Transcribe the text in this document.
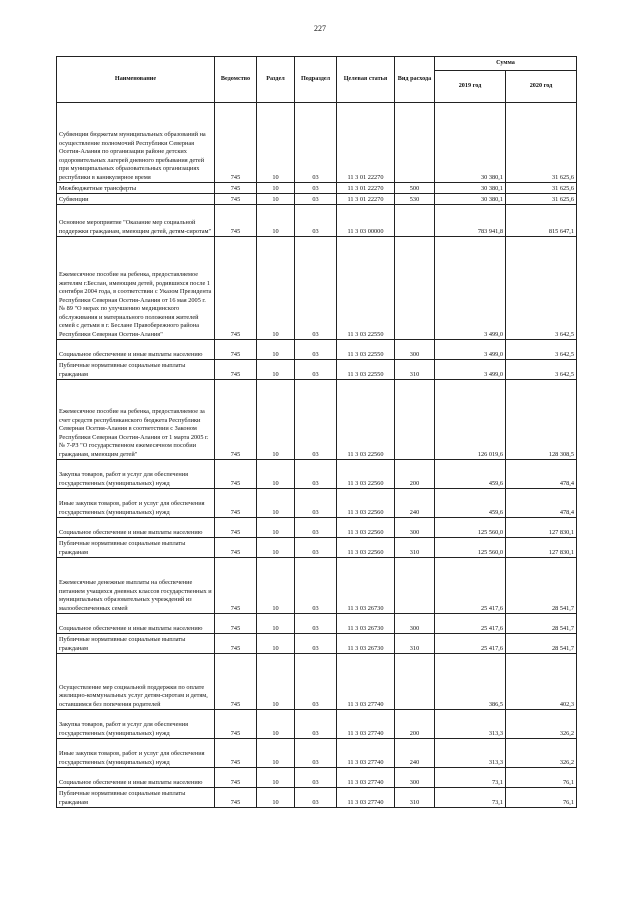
227
Наименование	Ведомство	Раздел	Подраздел	Целевая статья	Вид расхода	Сумма	
						2019 год	2020 год

Субвенции бюджетам муниципальных образований на осуществление полномочий Республики Северная Осетия-Алания по организации районе детских оздоровительных лагерей дневного пребывания детей при муниципальных образовательных организациях республики в каникулярное время	745	10	03	11 3 01 22270		30 380,1	31 625,6

Межбюджетные трансферты	745	10	03	11 3 01 22270	500	30 380,1	31 625,6

Субвенции	745	10	03	11 3 01 22270	530	30 380,1	31 625,6

Основное мероприятие "Оказание мер социальной поддержки гражданам, имеющим детей, детям-сиротам"	745	10	03	11 3 03 00000		783 941,8	815 647,1

Ежемесячное пособие на ребенка, предоставляемое жителям г.Беслан, имеющим детей, родившихся после 1 сентября 2004 года, в соответствии с Указом Президента Республики Северная Осетия-Алания от 16 мая 2005 г. № 89 "О мерах по улучшению медицинского обслуживания и материального положения жителей семей с детьми в г. Беслане Правобережного района Республики Северная Осетия-Алания"	745	10	03	11 3 03 22550		3 499,0	3 642,5

Социальное обеспечение и иные выплаты населению	745	10	03	11 3 03 22550	300	3 499,0	3 642,5

Публичные нормативные социальные выплаты гражданам	745	10	03	11 3 03 22550	310	3 499,0	3 642,5

Ежемесячное пособие на ребенка, предоставляемое за счет средств республиканского бюджета Республики Северная Осетия-Алания в соответствии с Законом Республики Северная Осетия-Алания от 1 марта 2005 г. № 7-РЗ "О государственном ежемесячном пособии гражданам, имеющим детей"	745	10	03	11 3 03 22560		126 019,6	128 308,5

Закупка товаров, работ и услуг для обеспечения государственных (муниципальных) нужд	745	10	03	11 3 03 22560	200	459,6	478,4

Иные закупки товаров, работ и услуг для обеспечения государственных (муниципальных) нужд	745	10	03	11 3 03 22560	240	459,6	478,4

Социальное обеспечение и иные выплаты населению	745	10	03	11 3 03 22560	300	125 560,0	127 830,1

Публичные нормативные социальные выплаты гражданам	745	10	03	11 3 03 22560	310	125 560,0	127 830,1

Ежемесячные денежные выплаты на обеспечение питанием учащихся дневных классов государственных и муниципальных образовательных учреждений из малообеспеченных семей	745	10	03	11 3 03 26730		25 417,6	28 541,7

Социальное обеспечение и иные выплаты населению	745	10	03	11 3 03 26730	300	25 417,6	28 541,7

Публичные нормативные социальные выплаты гражданам	745	10	03	11 3 03 26730	310	25 417,6	28 541,7

Осуществление мер социальной поддержки по оплате жилищно-коммунальных услуг детям-сиротам и детям, оставшимся без попечения родителей	745	10	03	11 3 03 27740		386,5	402,3

Закупка товаров, работ и услуг для обеспечения государственных (муниципальных) нужд	745	10	03	11 3 03 27740	200	313,3	326,2

Иные закупки товаров, работ и услуг для обеспечения государственных (муниципальных) нужд	745	10	03	11 3 03 27740	240	313,3	326,2

Социальное обеспечение и иные выплаты населению	745	10	03	11 3 03 27740	300	73,1	76,1

Публичные нормативные социальные выплаты гражданам	745	10	03	11 3 03 27740	310	73,1	76,1
